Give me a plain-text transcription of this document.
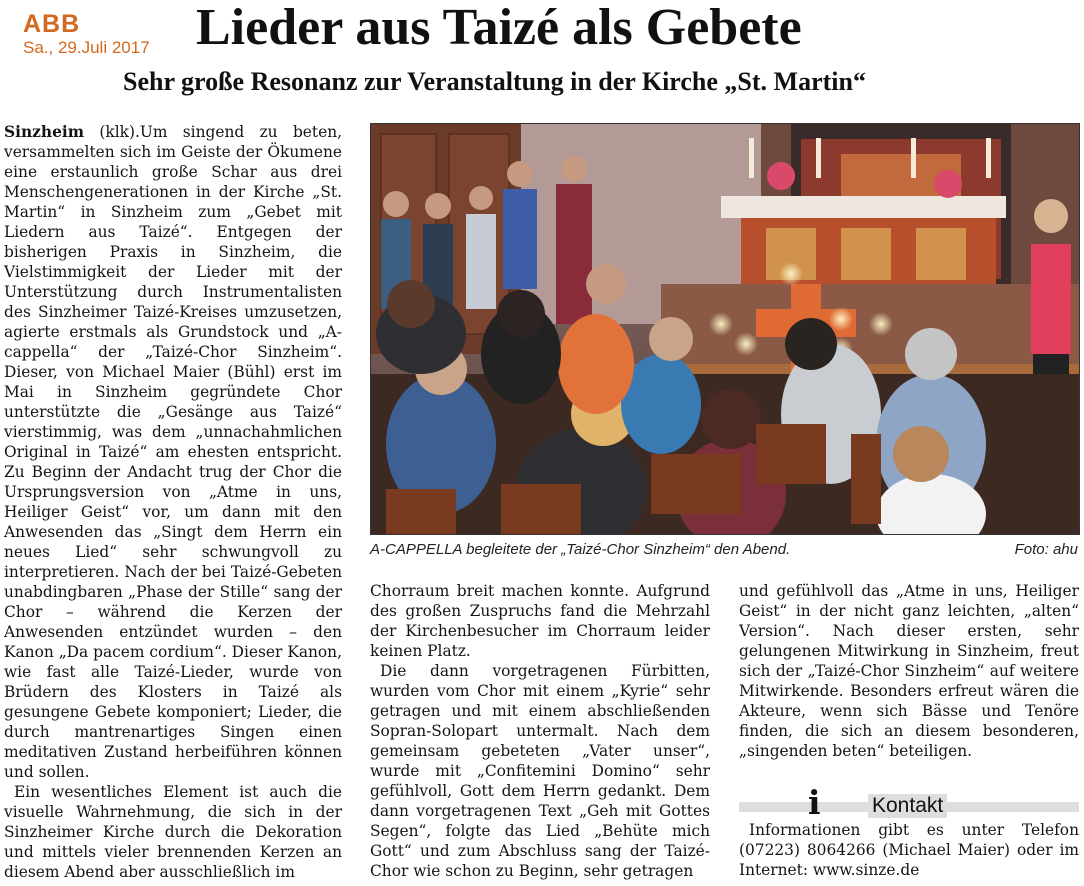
ABB
Sa., 29.Juli 2017 Lieder aus Taizé als Gebete
Sehr große Resonanz zur Veranstaltung in der Kirche „St. Martin“

Sinzheim (klk).Um singend zu beten, versammelten sich im Geiste der Ökumene eine erstaunlich große Schar aus drei Menschengenerationen in der Kirche „St. Martin“ in Sinzheim zum „Gebet mit Liedern aus Taizé“. Entgegen der bisherigen Praxis in Sinzheim, die Vielstimmigkeit der Lieder mit der Unterstützung durch Instrumentalisten des Sinzheimer Taizé-Kreises umzusetzen, agierte erstmals als Grundstock und „A-cappella“ der „Taizé-Chor Sinzheim“. Dieser, von Michael Maier (Bühl) erst im Mai in Sinzheim gegründete Chor unterstützte die „Gesänge aus Taizé“ vierstimmig, was dem „unnachahmlichen Original in Taizé“ am ehesten entspricht. Zu Beginn der Andacht trug der Chor die Ursprungsversion von „Atme in uns, Heiliger Geist“ vor, um dann mit den Anwesenden das „Singt dem Herrn ein neues Lied“ sehr schwungvoll zu interpretieren. Nach der bei Taizé-Gebeten unabdingbaren „Phase der Stille“ sang der Chor – während die Kerzen der Anwesenden entzündet wurden – den Kanon „Da pacem cordium“. Dieser Kanon, wie fast alle Taizé-Lieder, wurde von Brüdern des Klosters in Taizé als gesungene Gebete komponiert; Lieder, die durch mantrenartiges Singen einen meditativen Zustand herbeiführen können und sollen.

Ein wesentliches Element ist auch die visuelle Wahrnehmung, die sich in der Sinzheimer Kirche durch die Dekoration und mittels vieler brennenden Kerzen an diesem Abend aber ausschließlich im

A-CAPPELLA begleitete der „Taizé-Chor Sinzheim“ den Abend.	Foto: ahu

Chorraum breit machen konnte. Aufgrund des großen Zuspruchs fand die Mehrzahl der Kirchenbesucher im Chorraum leider keinen Platz.

Die dann vorgetragenen Fürbitten, wurden vom Chor mit einem „Kyrie“ sehr getragen und mit einem abschließenden Sopran-Solopart untermalt. Nach dem gemeinsam gebeteten „Vater unser“, wurde mit „Confitemini Domino“ sehr gefühlvoll, Gott dem Herrn gedankt. Dem dann vorgetragenen Text „Geh mit Gottes Segen“, folgte das Lied „Behüte mich Gott“ und zum Abschluss sang der Taizé-Chor wie schon zu Beginn, sehr getragen

und gefühlvoll das „Atme in uns, Heiliger Geist“ in der nicht ganz leichten, „alten“ Version“. Nach dieser ersten, sehr gelungenen Mitwirkung in Sinzheim, freut sich der „Taizé-Chor Sinzheim“ auf weitere Mitwirkende. Besonders erfreut wären die Akteure, wenn sich Bässe und Tenöre finden, die sich an diesem besonderen, „singenden beten“ beteiligen.

i Kontakt

Informationen gibt es unter Telefon (07223) 8064266 (Michael Maier) oder im Internet: www.sinze.de
